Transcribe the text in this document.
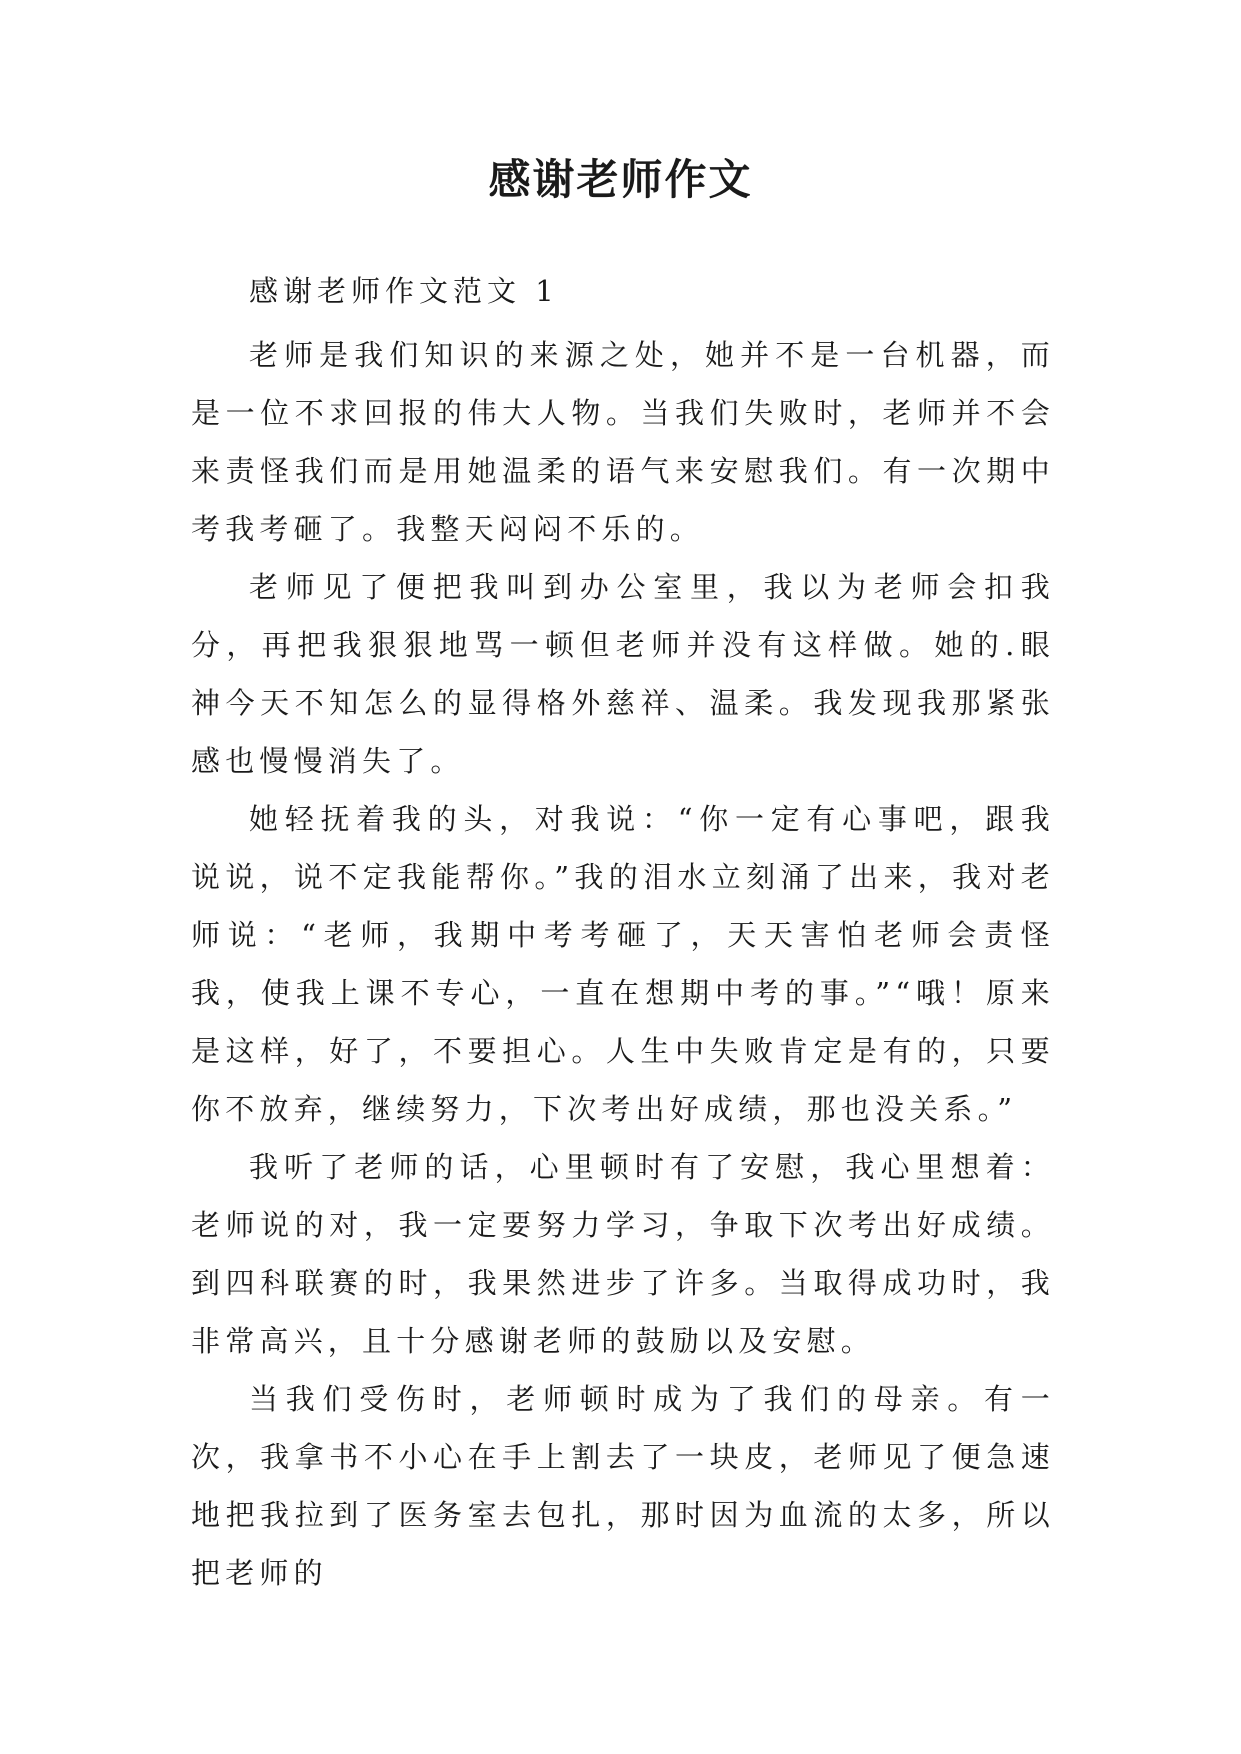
感谢老师作文
感谢老师作文范文 1

老师是我们知识的来源之处，她并不是一台机器，而是一位不求回报的伟大人物。当我们失败时，老师并不会来责怪我们而是用她温柔的语气来安慰我们。有一次期中考我考砸了。我整天闷闷不乐的。

老师见了便把我叫到办公室里，我以为老师会扣我分，再把我狠狠地骂一顿但老师并没有这样做。她的.眼神今天不知怎么的显得格外慈祥、温柔。我发现我那紧张感也慢慢消失了。

她轻抚着我的头，对我说：“你一定有心事吧，跟我说说，说不定我能帮你。”我的泪水立刻涌了出来，我对老师说：“老师，我期中考考砸了，天天害怕老师会责怪我，使我上课不专心，一直在想期中考的事。”“哦！原来是这样，好了，不要担心。人生中失败肯定是有的，只要你不放弃，继续努力，下次考出好成绩，那也没关系。”

我听了老师的话，心里顿时有了安慰，我心里想着：老师说的对，我一定要努力学习，争取下次考出好成绩。到四科联赛的时，我果然进步了许多。当取得成功时，我非常高兴，且十分感谢老师的鼓励以及安慰。

当我们受伤时，老师顿时成为了我们的母亲。有一次，我拿书不小心在手上割去了一块皮，老师见了便急速地把我拉到了医务室去包扎，那时因为血流的太多，所以把老师的
